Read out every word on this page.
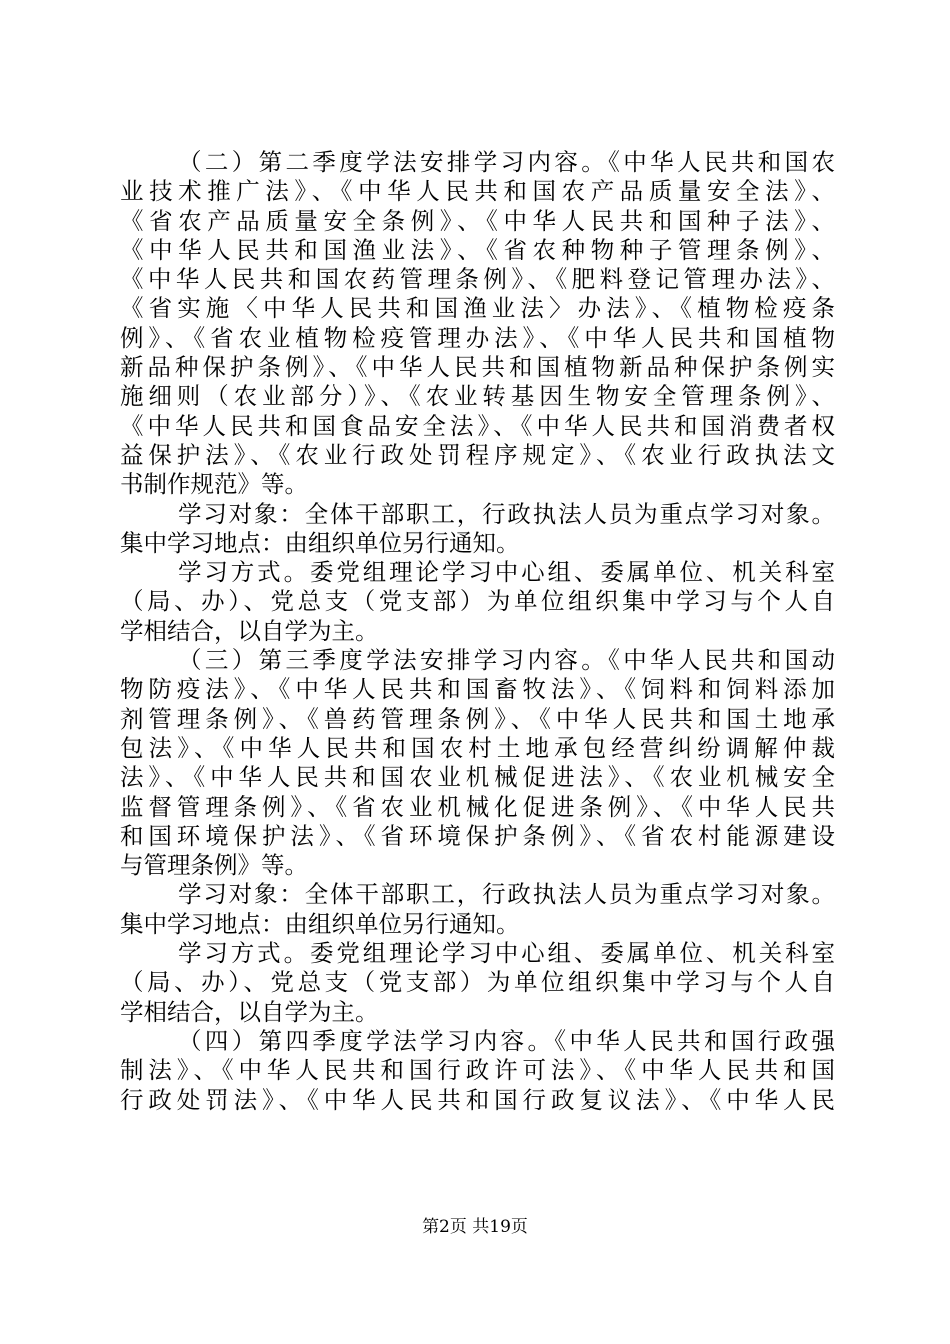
（二）第二季度学法安排学习内容。《中华人民共和国农
业技术推广法》、《中华人民共和国农产品质量安全法》、
《省农产品质量安全条例》、《中华人民共和国种子法》、
《中华人民共和国渔业法》、《省农种物种子管理条例》、
《中华人民共和国农药管理条例》、《肥料登记管理办法》、
《省实施〈中华人民共和国渔业法〉办法》、《植物检疫条
例》、《省农业植物检疫管理办法》、《中华人民共和国植物
新品种保护条例》、《中华人民共和国植物新品种保护条例实
施细则（农业部分）》、《农业转基因生物安全管理条例》、
《中华人民共和国食品安全法》、《中华人民共和国消费者权
益保护法》、《农业行政处罚程序规定》、《农业行政执法文
书制作规范》等。
学习对象：全体干部职工，行政执法人员为重点学习对象。
集中学习地点：由组织单位另行通知。
学习方式。委党组理论学习中心组、委属单位、机关科室
（局、办）、党总支（党支部）为单位组织集中学习与个人自
学相结合，以自学为主。
（三）第三季度学法安排学习内容。《中华人民共和国动
物防疫法》、《中华人民共和国畜牧法》、《饲料和饲料添加
剂管理条例》、《兽药管理条例》、《中华人民共和国土地承
包法》、《中华人民共和国农村土地承包经营纠纷调解仲裁
法》、《中华人民共和国农业机械促进法》、《农业机械安全
监督管理条例》、《省农业机械化促进条例》、《中华人民共
和国环境保护法》、《省环境保护条例》、《省农村能源建设
与管理条例》等。
学习对象：全体干部职工，行政执法人员为重点学习对象。
集中学习地点：由组织单位另行通知。
学习方式。委党组理论学习中心组、委属单位、机关科室
（局、办）、党总支（党支部）为单位组织集中学习与个人自
学相结合，以自学为主。
（四）第四季度学法学习内容。《中华人民共和国行政强
制法》、《中华人民共和国行政许可法》、《中华人民共和国
行政处罚法》、《中华人民共和国行政复议法》、《中华人民
第2页 共19页
